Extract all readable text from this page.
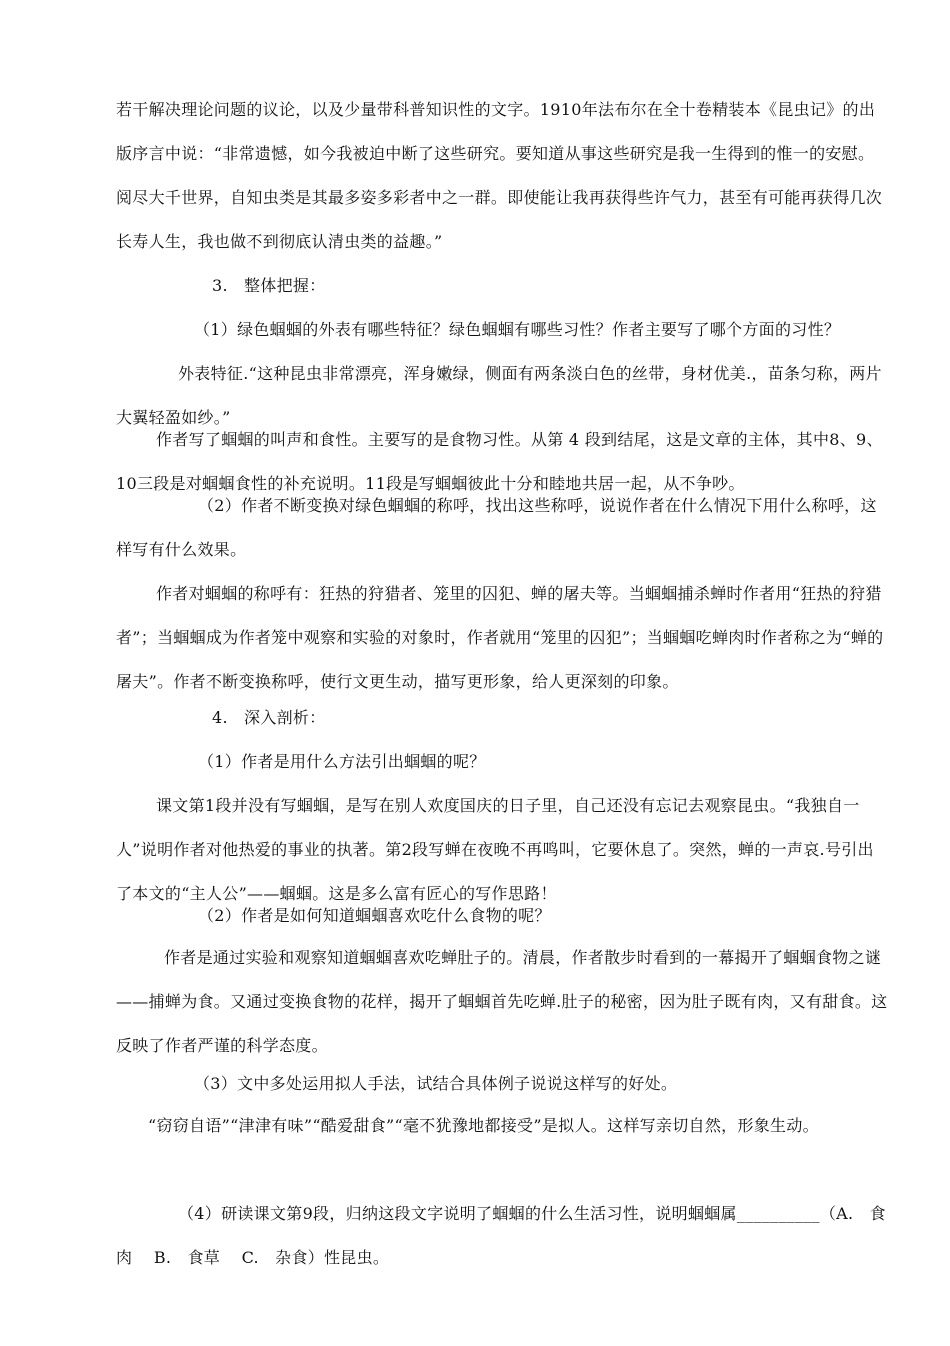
若干解决理论问题的议论，以及少量带科普知识性的文字。1910年法布尔在全十卷精装本《昆虫记》的出版序言中说：“非常遗憾，如今我被迫中断了这些研究。要知道从事这些研究是我一生得到的惟一的安慰。阅尽大千世界，自知虫类是其最多姿多彩者中之一群。即使能让我再获得些许气力，甚至有可能再获得几次长寿人生，我也做不到彻底认清虫类的益趣。”
3.   整体把握：
（1）绿色蝈蝈的外表有哪些特征？绿色蝈蝈有哪些习性？作者主要写了哪个方面的习性？
外表特征.“这种昆虫非常漂亮，浑身嫩绿，侧面有两条淡白色的丝带，身材优美.，苗条匀称，两片大翼轻盈如纱。”
作者写了蝈蝈的叫声和食性。主要写的是食物习性。从第 4 段到结尾，这是文章的主体，其中8、9、10三段是对蝈蝈食性的补充说明。11段是写蝈蝈彼此十分和睦地共居一起，从不争吵。
（2）作者不断变换对绿色蝈蝈的称呼，找出这些称呼，说说作者在什么情况下用什么称呼，这样写有什么效果。
作者对蝈蝈的称呼有：狂热的狩猎者、笼里的囚犯、蝉的屠夫等。当蝈蝈捕杀蝉时作者用“狂热的狩猎者”；当蝈蝈成为作者笼中观察和实验的对象时，作者就用“笼里的囚犯”；当蝈蝈吃蝉肉时作者称之为“蝉的屠夫”。作者不断变换称呼，使行文更生动，描写更形象，给人更深刻的印象。
4.   深入剖析：
（1）作者是用什么方法引出蝈蝈的呢？
课文第1段并没有写蝈蝈，是写在别人欢度国庆的日子里，自己还没有忘记去观察昆虫。“我独自一人”说明作者对他热爱的事业的执著。第2段写蝉在夜晚不再鸣叫，它要休息了。突然，蝉的一声哀.号引出了本文的“主人公”——蝈蝈。这是多么富有匠心的写作思路！
（2）作者是如何知道蝈蝈喜欢吃什么食物的呢？
作者是通过实验和观察知道蝈蝈喜欢吃蝉肚子的。清晨，作者散步时看到的一幕揭开了蝈蝈食物之谜——捕蝉为食。又通过变换食物的花样，揭开了蝈蝈首先吃蝉.肚子的秘密，因为肚子既有肉，又有甜食。这反映了作者严谨的科学态度。
（3）文中多处运用拟人手法，试结合具体例子说说这样写的好处。
“窃窃自语”“津津有味”“酷爱甜食”“毫不犹豫地都接受”是拟人。这样写亲切自然，形象生动。
（4）研读课文第9段，归纳这段文字说明了蝈蝈的什么生活习性，说明蝈蝈属__________（A.   食肉    B.   食草    C.   杂食）性昆虫。
